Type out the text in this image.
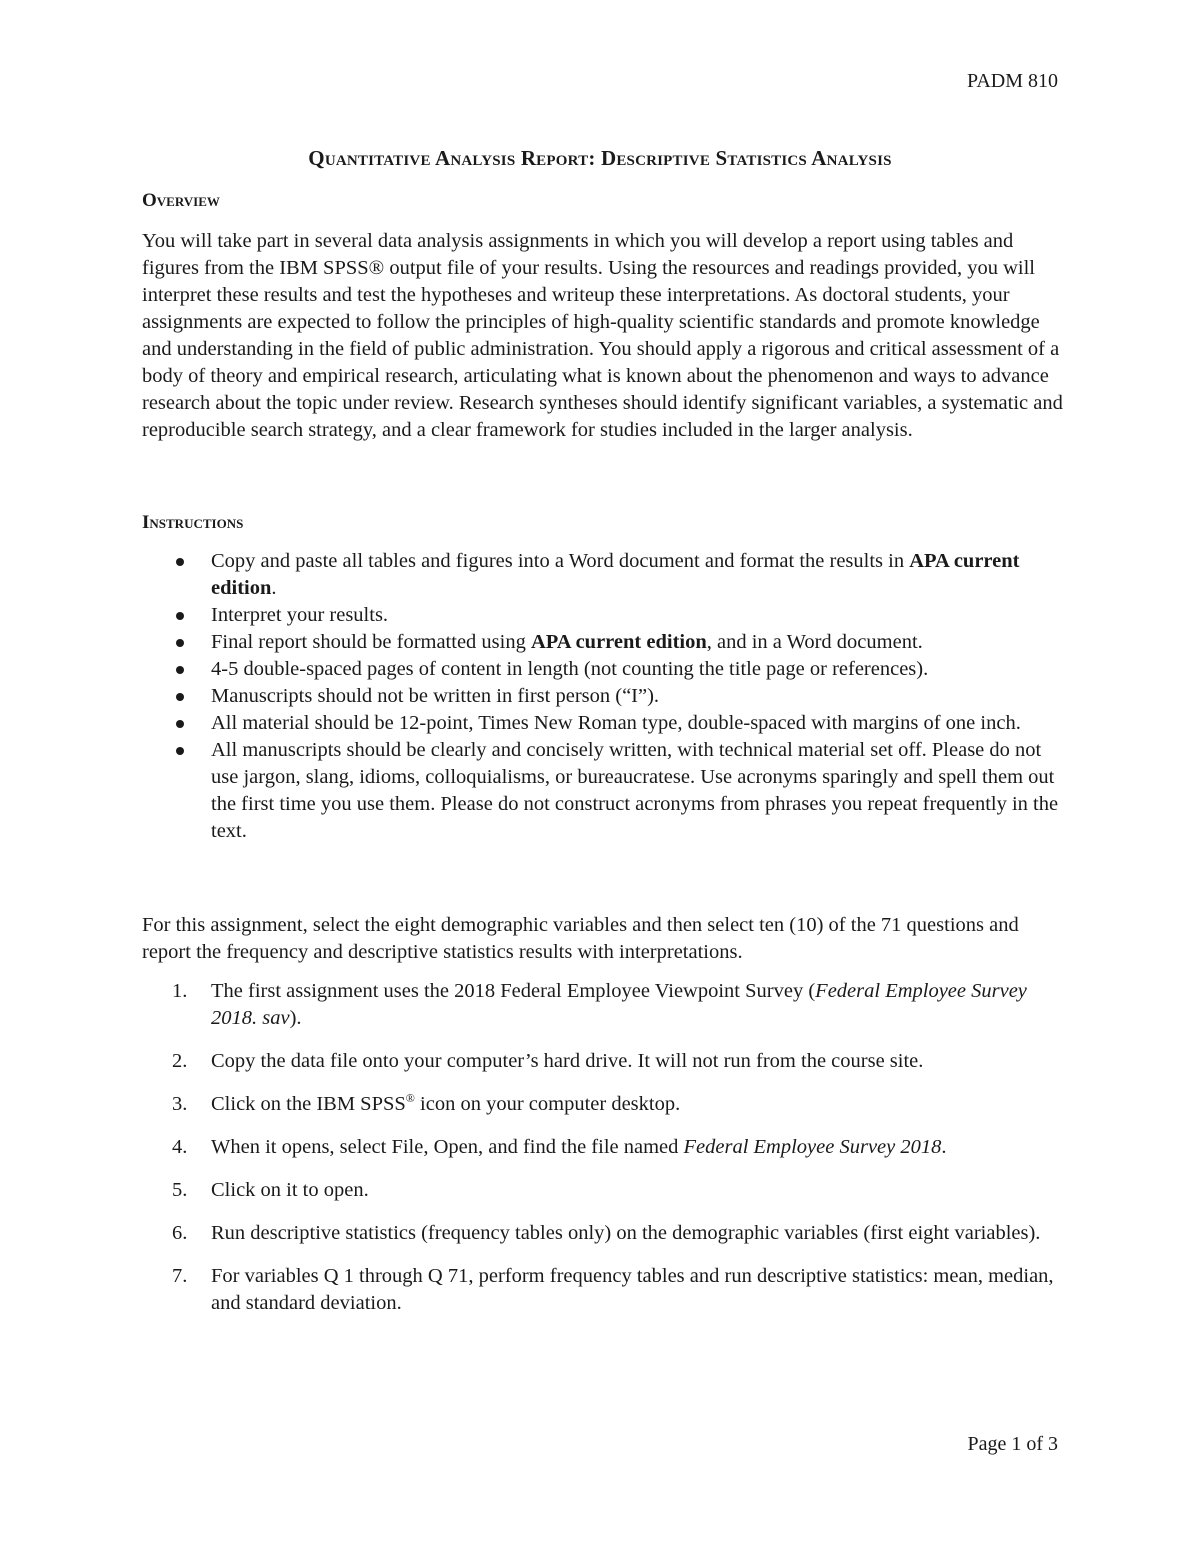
PADM 810
Quantitative Analysis Report: Descriptive Statistics Analysis
Overview
You will take part in several data analysis assignments in which you will develop a report using tables and figures from the IBM SPSS® output file of your results. Using the resources and readings provided, you will interpret these results and test the hypotheses and writeup these interpretations. As doctoral students, your assignments are expected to follow the principles of high-quality scientific standards and promote knowledge and understanding in the field of public administration. You should apply a rigorous and critical assessment of a body of theory and empirical research, articulating what is known about the phenomenon and ways to advance research about the topic under review. Research syntheses should identify significant variables, a systematic and reproducible search strategy, and a clear framework for studies included in the larger analysis.
Instructions
Copy and paste all tables and figures into a Word document and format the results in APA current edition.
Interpret your results.
Final report should be formatted using APA current edition, and in a Word document.
4-5 double-spaced pages of content in length (not counting the title page or references).
Manuscripts should not be written in first person (“I”).
All material should be 12-point, Times New Roman type, double-spaced with margins of one inch.
All manuscripts should be clearly and concisely written, with technical material set off. Please do not use jargon, slang, idioms, colloquialisms, or bureaucratese. Use acronyms sparingly and spell them out the first time you use them. Please do not construct acronyms from phrases you repeat frequently in the text.
For this assignment, select the eight demographic variables and then select ten (10) of the 71 questions and report the frequency and descriptive statistics results with interpretations.
1. The first assignment uses the 2018 Federal Employee Viewpoint Survey (Federal Employee Survey 2018. sav).
2. Copy the data file onto your computer’s hard drive. It will not run from the course site.
3. Click on the IBM SPSS® icon on your computer desktop.
4. When it opens, select File, Open, and find the file named Federal Employee Survey 2018.
5. Click on it to open.
6. Run descriptive statistics (frequency tables only) on the demographic variables (first eight variables).
7. For variables Q 1 through Q 71, perform frequency tables and run descriptive statistics: mean, median, and standard deviation.
Page 1 of 3
